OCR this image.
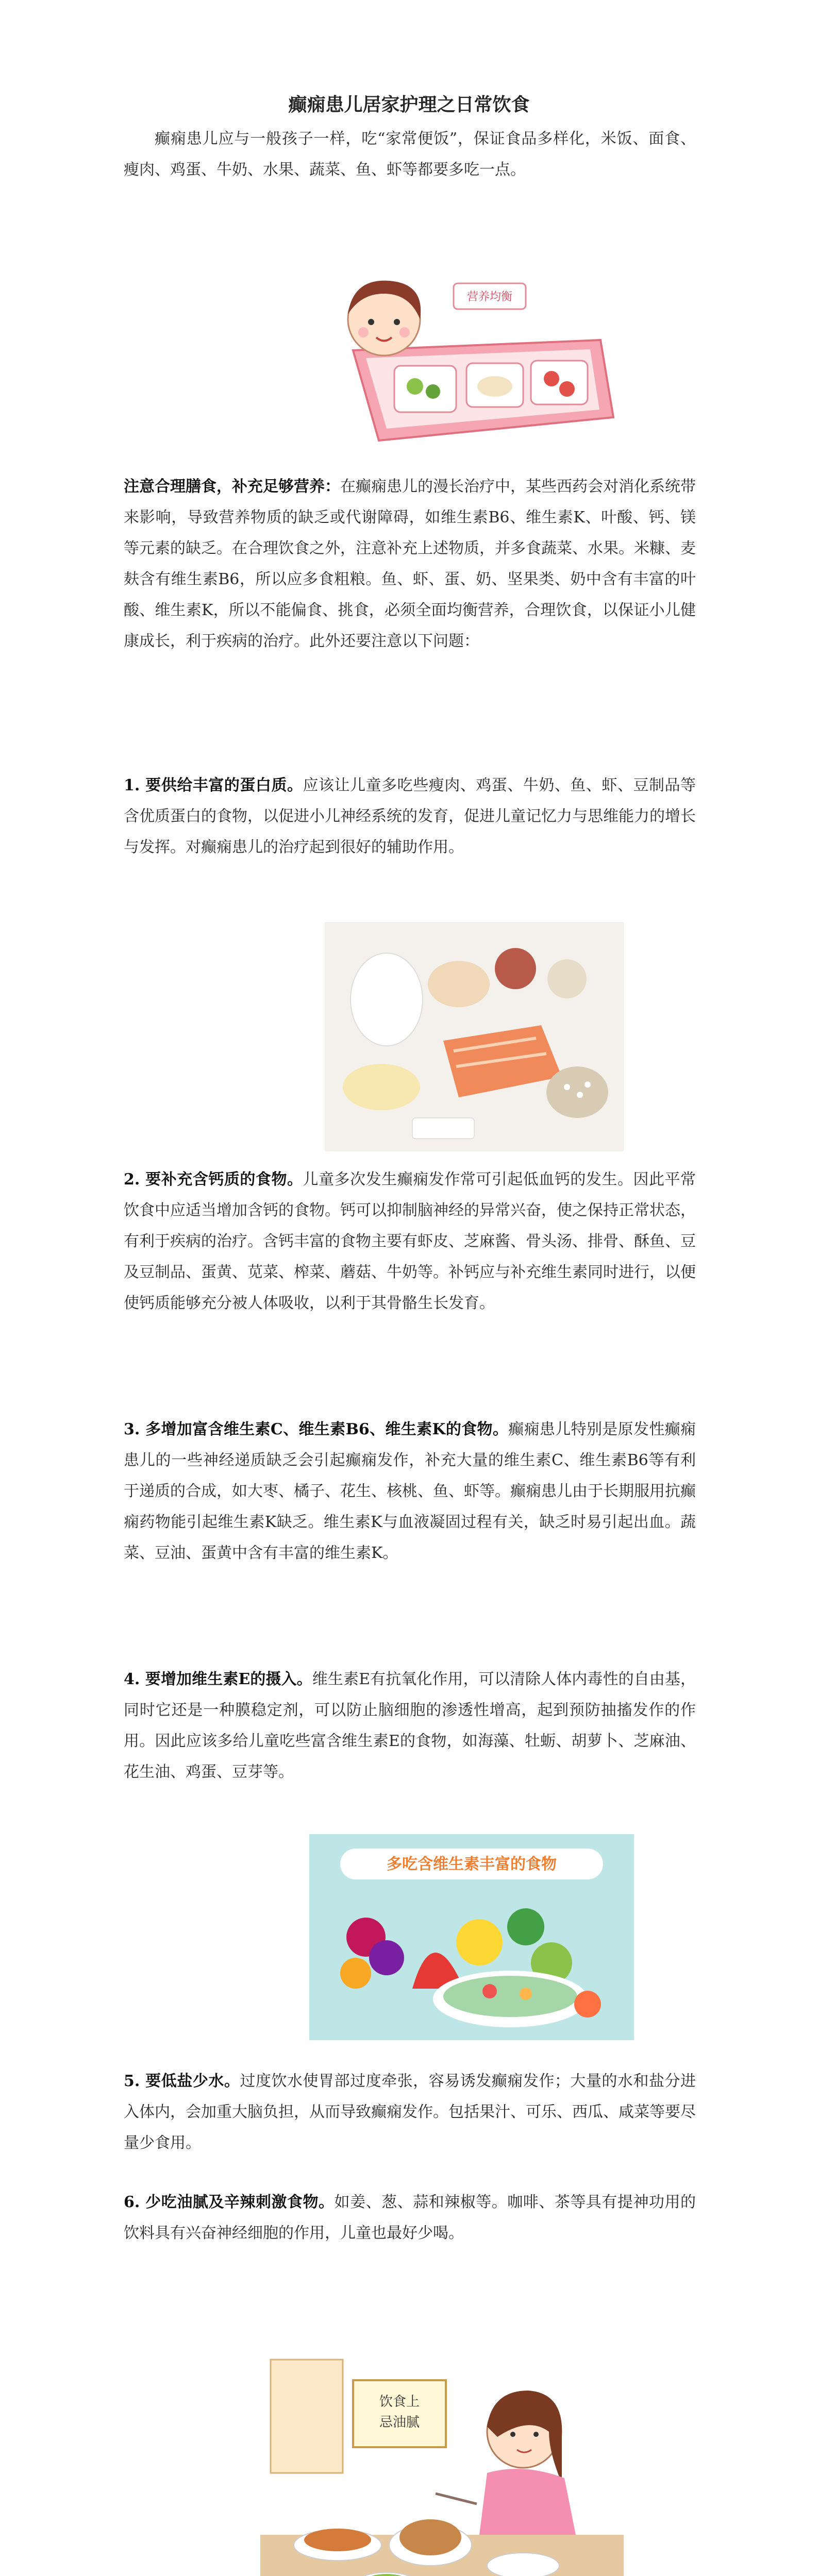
癫痫患儿居家护理之日常饮食

癫痫患儿应与一般孩子一样，吃“家常便饭”，保证食品多样化，米饭、面食、瘦肉、鸡蛋、牛奶、水果、蔬菜、鱼、虾等都要多吃一点。

营养均衡

注意合理膳食，补充足够营养：在癫痫患儿的漫长治疗中，某些西药会对消化系统带来影响，导致营养物质的缺乏或代谢障碍，如维生素B6、维生素K、叶酸、钙、镁等元素的缺乏。在合理饮食之外，注意补充上述物质，并多食蔬菜、水果。米糠、麦麸含有维生素B6，所以应多食粗粮。鱼、虾、蛋、奶、坚果类、奶中含有丰富的叶酸、维生素K，所以不能偏食、挑食，必须全面均衡营养，合理饮食，以保证小儿健康成长，利于疾病的治疗。此外还要注意以下问题：

1. 要供给丰富的蛋白质。应该让儿童多吃些瘦肉、鸡蛋、牛奶、鱼、虾、豆制品等含优质蛋白的食物，以促进小儿神经系统的发育，促进儿童记忆力与思维能力的增长与发挥。对癫痫患儿的治疗起到很好的辅助作用。

2. 要补充含钙质的食物。儿童多次发生癫痫发作常可引起低血钙的发生。因此平常饮食中应适当增加含钙的食物。钙可以抑制脑神经的异常兴奋，使之保持正常状态，有利于疾病的治疗。含钙丰富的食物主要有虾皮、芝麻酱、骨头汤、排骨、酥鱼、豆及豆制品、蛋黄、苋菜、榨菜、蘑菇、牛奶等。补钙应与补充维生素同时进行，以便使钙质能够充分被人体吸收，以利于其骨骼生长发育。

3. 多增加富含维生素C、维生素B6、维生素K的食物。癫痫患儿特别是原发性癫痫患儿的一些神经递质缺乏会引起癫痫发作，补充大量的维生素C、维生素B6等有利于递质的合成，如大枣、橘子、花生、核桃、鱼、虾等。癫痫患儿由于长期服用抗癫痫药物能引起维生素K缺乏。维生素K与血液凝固过程有关，缺乏时易引起出血。蔬菜、豆油、蛋黄中含有丰富的维生素K。

4. 要增加维生素E的摄入。维生素E有抗氧化作用，可以清除人体内毒性的自由基，同时它还是一种膜稳定剂，可以防止脑细胞的渗透性增高，起到预防抽搐发作的作用。因此应该多给儿童吃些富含维生素E的食物，如海藻、牡蛎、胡萝卜、芝麻油、花生油、鸡蛋、豆芽等。

多吃含维生素丰富的食物

5. 要低盐少水。过度饮水使胃部过度牵张，容易诱发癫痫发作；大量的水和盐分进入体内，会加重大脑负担，从而导致癫痫发作。包括果汁、可乐、西瓜、咸菜等要尽量少食用。

6. 少吃油腻及辛辣刺激食物。如姜、葱、蒜和辣椒等。咖啡、茶等具有提神功用的饮料具有兴奋神经细胞的作用，儿童也最好少喝。

饮食上
忌油腻
